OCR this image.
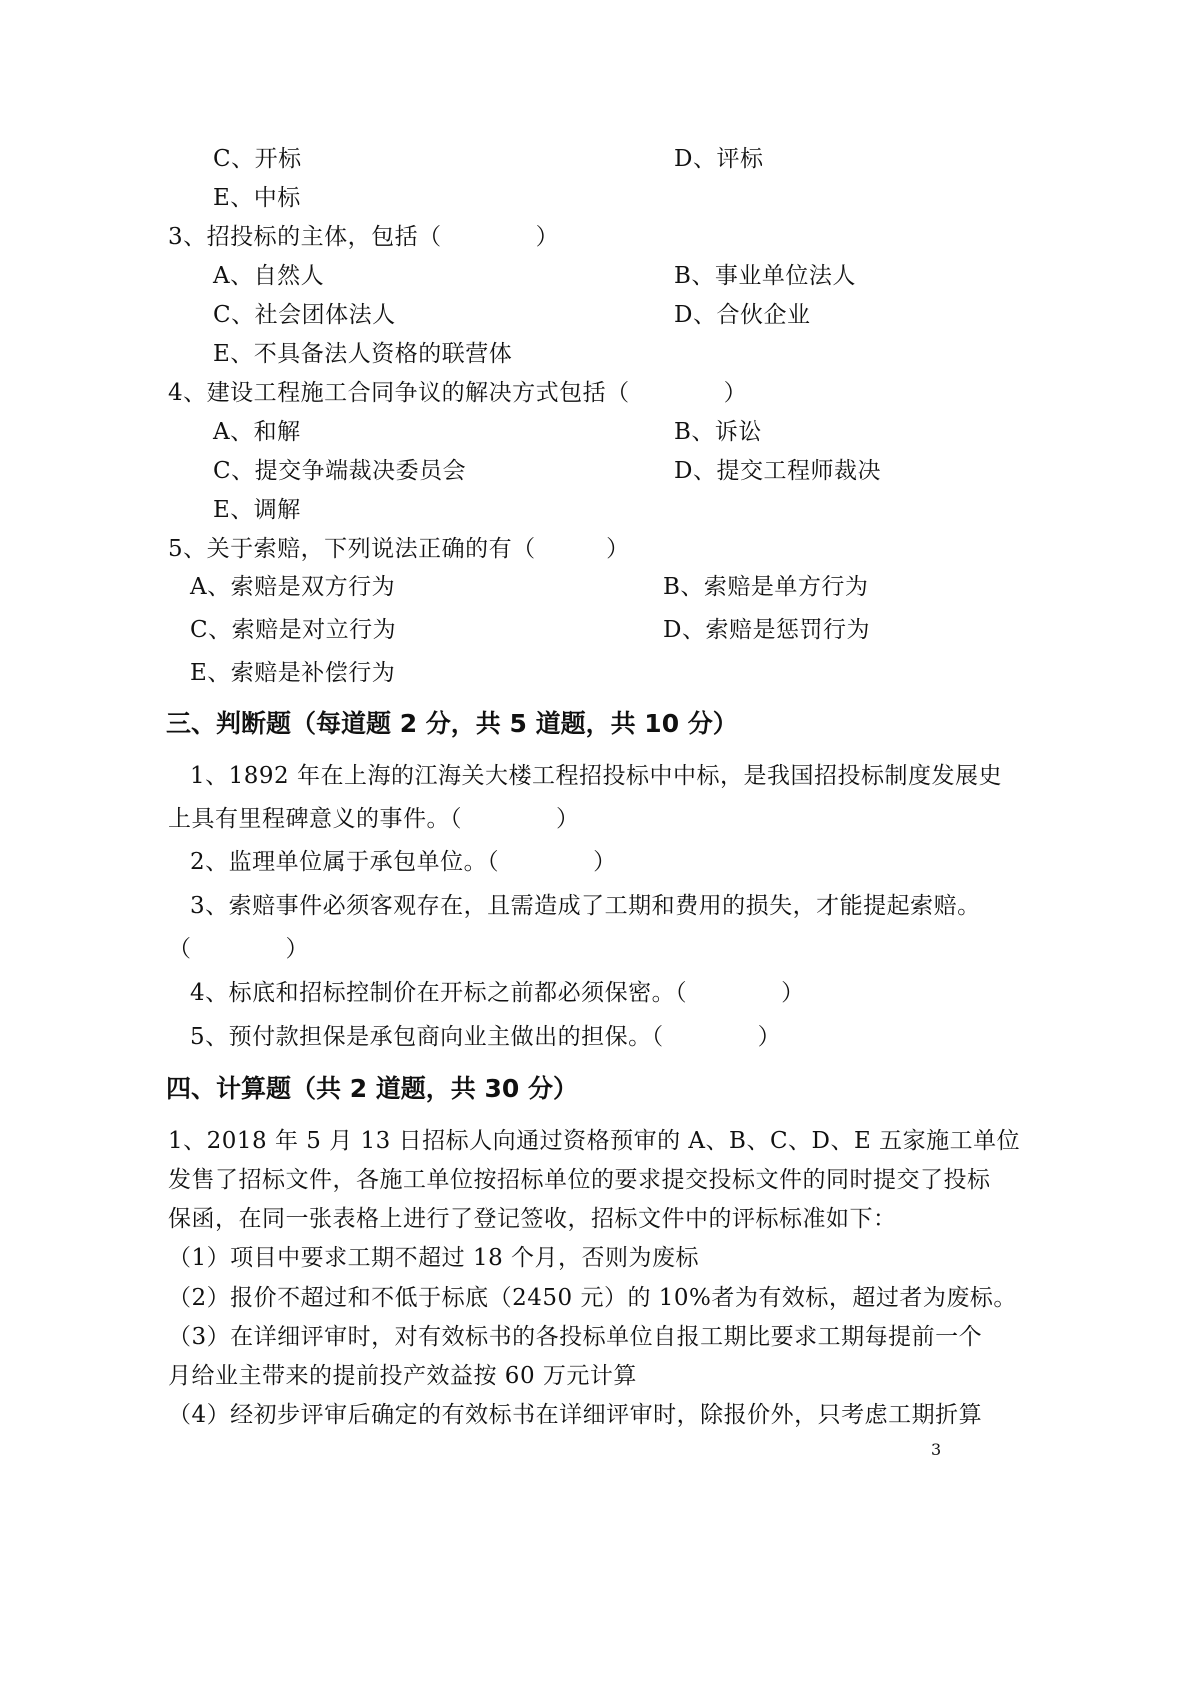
C、开标	D、评标
E、中标
3、招投标的主体，包括（　　　　）
A、自然人	B、事业单位法人
C、社会团体法人	D、合伙企业
E、不具备法人资格的联营体
4、建设工程施工合同争议的解决方式包括（　　　　）
A、和解	B、诉讼
C、提交争端裁决委员会	D、提交工程师裁决
E、调解
5、关于索赔，下列说法正确的有（　　　）
A、索赔是双方行为	B、索赔是单方行为
C、索赔是对立行为	D、索赔是惩罚行为
E、索赔是补偿行为
三、判断题（每道题 2 分，共 5 道题，共 10 分）
1、1892 年在上海的江海关大楼工程招投标中中标，是我国招投标制度发展史
上具有里程碑意义的事件。（　　　　）
2、监理单位属于承包单位。（　　　　）
3、索赔事件必须客观存在，且需造成了工期和费用的损失，才能提起索赔。
（　　　　）
4、标底和招标控制价在开标之前都必须保密。（　　　　）
5、预付款担保是承包商向业主做出的担保。（　　　　）
四、计算题（共 2 道题，共 30 分）
1、2018 年 5 月 13 日招标人向通过资格预审的 A、B、C、D、E 五家施工单位
发售了招标文件，各施工单位按招标单位的要求提交投标文件的同时提交了投标
保函，在同一张表格上进行了登记签收，招标文件中的评标标准如下：
（1）项目中要求工期不超过 18 个月，否则为废标
（2）报价不超过和不低于标底（2450 元）的 10%者为有效标，超过者为废标。
（3）在详细评审时，对有效标书的各投标单位自报工期比要求工期每提前一个
月给业主带来的提前投产效益按 60 万元计算
（4）经初步评审后确定的有效标书在详细评审时，除报价外，只考虑工期折算
3
